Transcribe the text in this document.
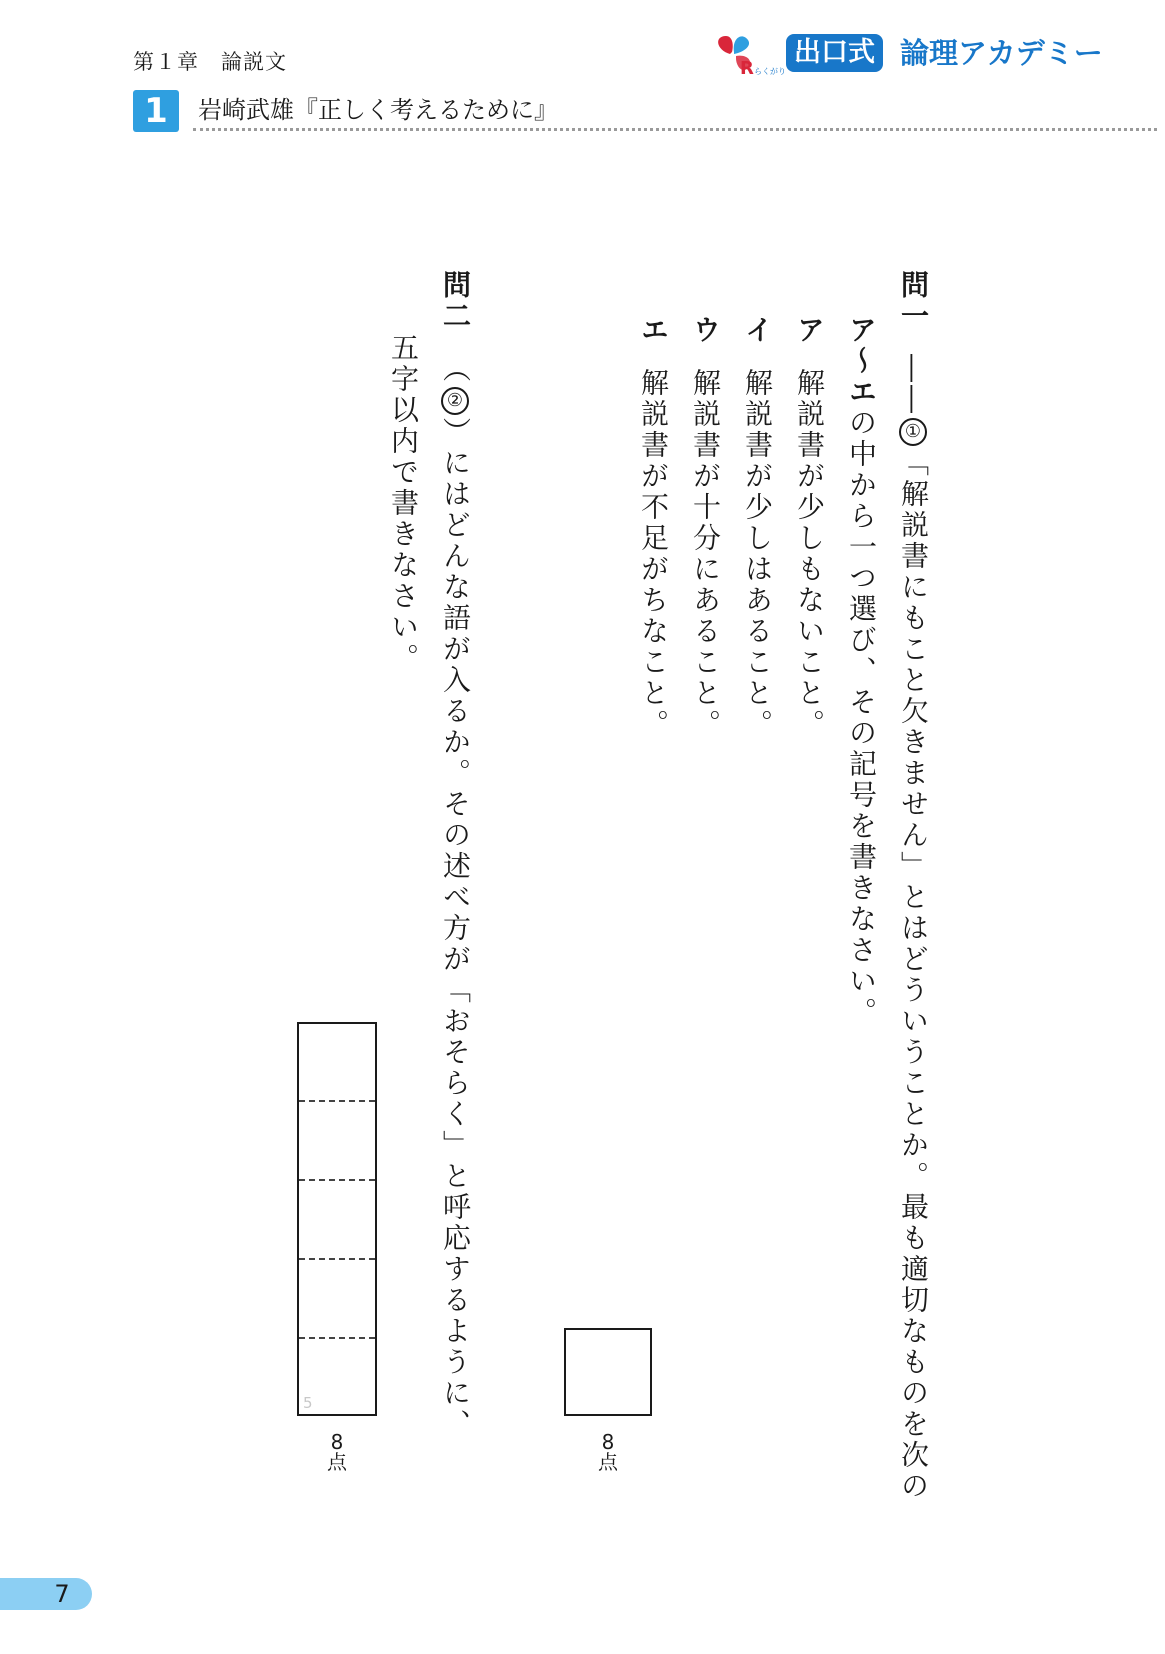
第１章　論説文
1	岩崎武雄『正しく考えるために』
R らくがり
出口式 論理アカデミー
問一――①「解説書にもこと欠きません」とはどういうことか。最も適切なものを次の
ア〜エの中から一つ選び、その記号を書きなさい。
ア解説書が少しもないこと。
イ解説書が少しはあること。
ウ解説書が十分にあること。
エ解説書が不足がちなこと。
問二（②）にはどんな語が入るか。その述べ方が「おそらく」と呼応するように、
五字以内で書きなさい。
8
点
5
8
点
7
